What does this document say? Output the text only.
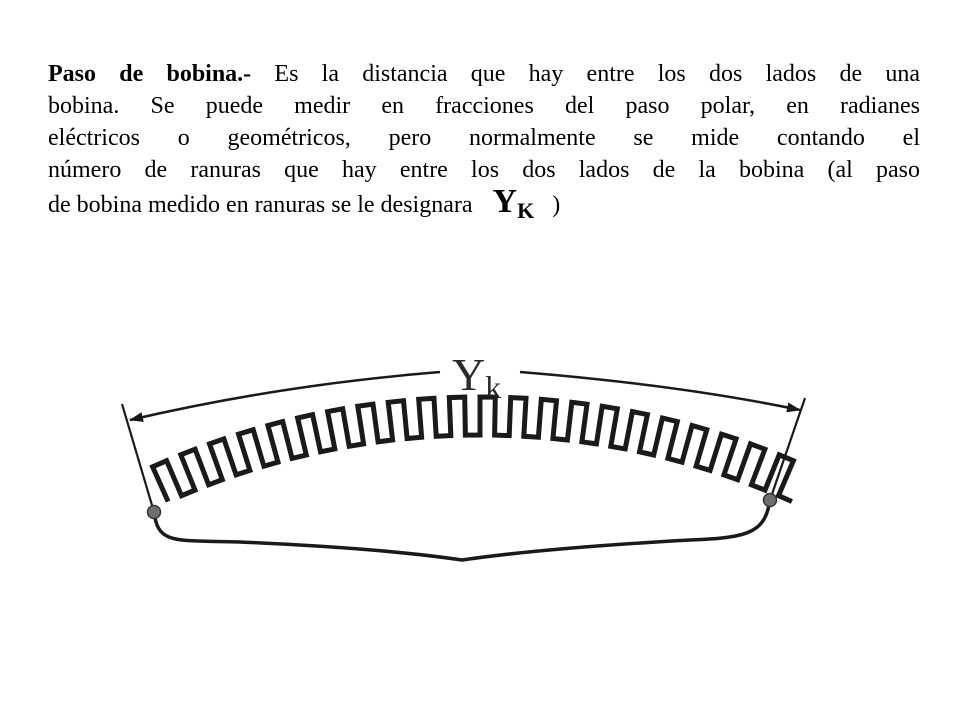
Paso de bobina.- Es la distancia que hay entre los dos lados de una
bobina. Se puede medir en fracciones del paso polar, en radianes
eléctricos o geométricos, pero normalmente se mide contando el
número de ranuras que hay entre los dos lados de la bobina (al paso
de bobina medido en ranuras se le designara YK )
Yk
